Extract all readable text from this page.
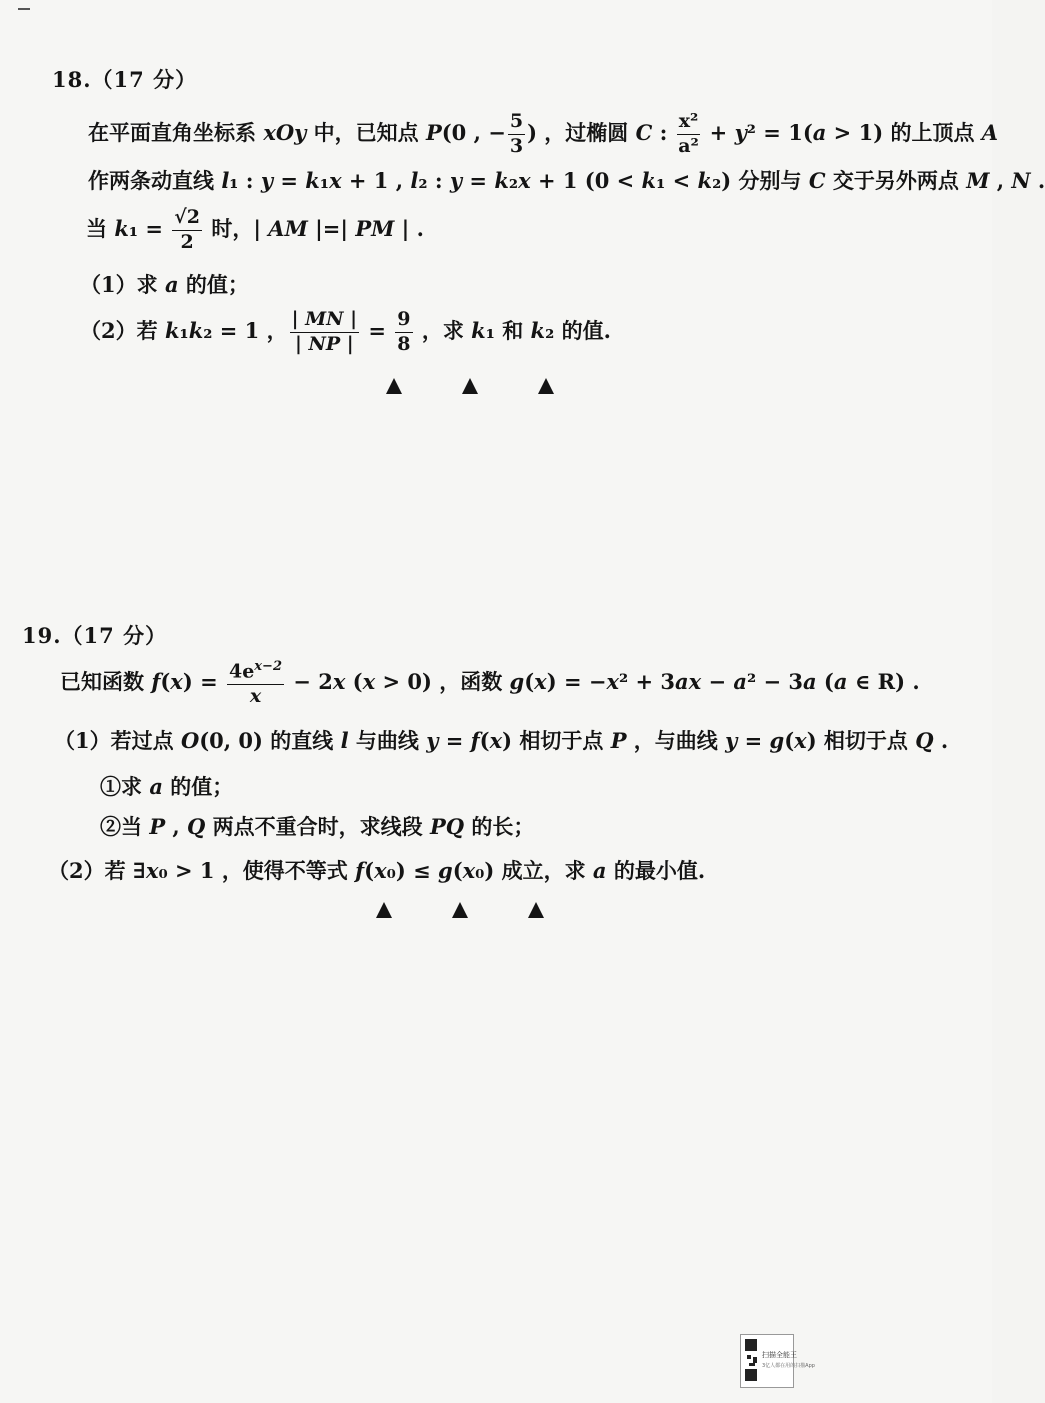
18.（17 分）
在平面直角坐标系 xOy 中，已知点 P(0 , − $\frac{5}{3}$ ) ，过椭圆 C : $\frac{\text{x²}}{\text{a²}} + y^2 = 1(a > 1)$ 的上顶点 A
作两条动直线 l₁ : y = k₁x + 1 , l₂ : y = k₂x + 1 (0 < k₁ < k₂) 分别与 C 交于另外两点 M , N .
当 $k_1 = \frac{√2}{2}$ 时，| AM |=| PM | .
（1）求 a 的值；
（2）若 k₁k₂ = 1 ， $\frac{| MN |}{| NP |} = \frac{9}{8}$ ，求 k₁ 和 k₂ 的值.
19.（17 分）
已知函数 $f(x) = \frac{4e^{x-2}}{x} - 2x$ (x > 0) ，函数 g(x) = −x² + 3ax − a² − 3a (a ∈ R) .
（1）若过点 O(0, 0) 的直线 l 与曲线 y = f(x) 相切于点 P ，与曲线 y = g(x) 相切于点 Q .
①求 a 的值；
②当 P , Q 两点不重合时，求线段 PQ 的长；
（2）若 ∃x₀ > 1 ，使得不等式 f(x₀) ≤ g(x₀) 成立，求 a 的最小值.
扫描全能王
3亿人都在用的扫描App
